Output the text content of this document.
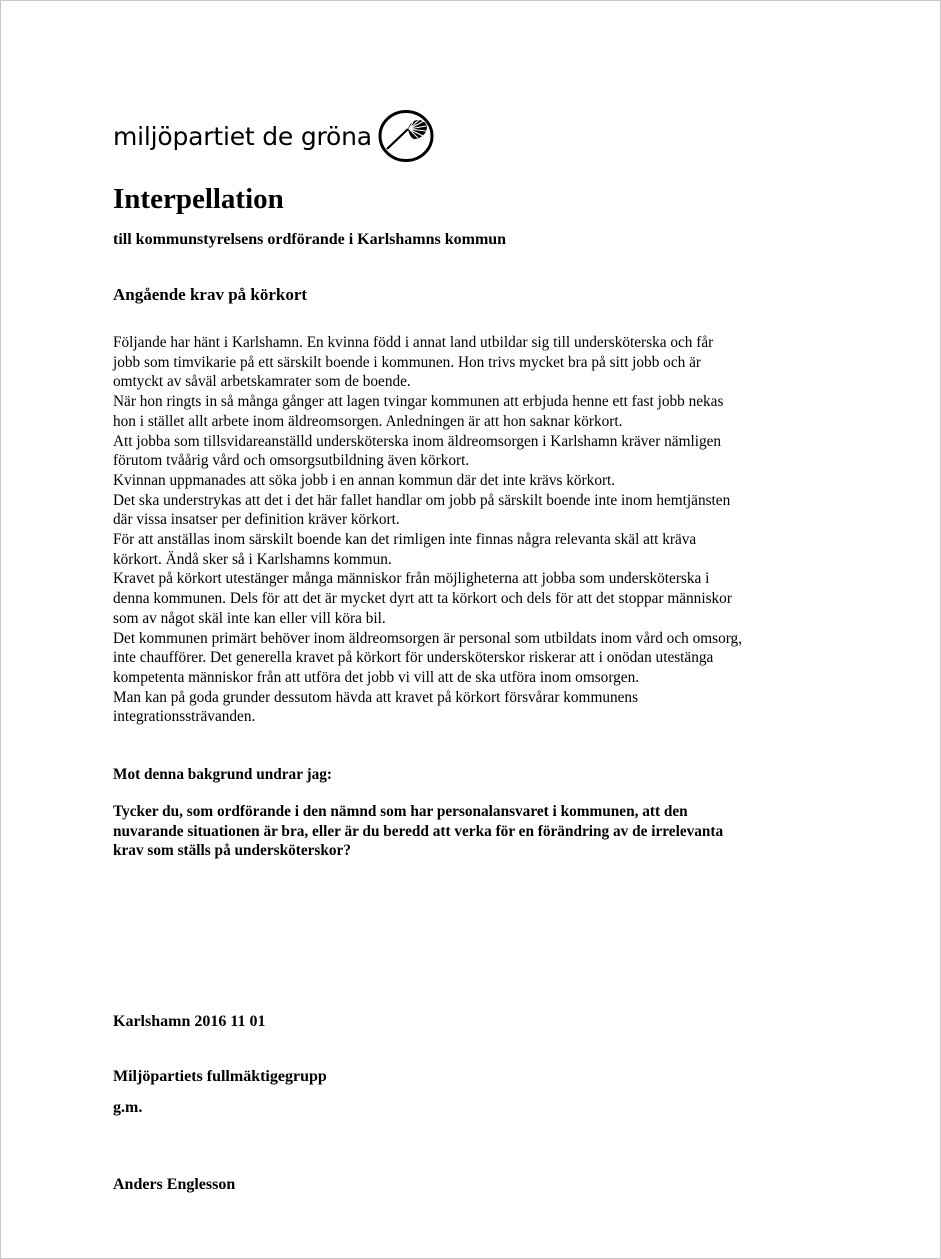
miljöpartiet de gröna
Interpellation
till kommunstyrelsens ordförande i Karlshamns kommun
Angående krav på körkort
Följande har hänt i Karlshamn. En kvinna född i annat land utbildar sig till undersköterska och får
jobb som timvikarie på ett särskilt boende i kommunen. Hon trivs mycket bra på sitt jobb och är
omtyckt av såväl arbetskamrater som de boende.
När hon ringts in så många gånger att lagen tvingar kommunen att erbjuda henne ett fast jobb nekas
hon i stället allt arbete inom äldreomsorgen. Anledningen är att hon saknar körkort.
Att jobba som tillsvidareanställd undersköterska inom äldreomsorgen i Karlshamn kräver nämligen
förutom tvåårig vård och omsorgsutbildning även körkort.
Kvinnan uppmanades att söka jobb i en annan kommun där det inte krävs körkort.
Det ska understrykas att det i det här fallet handlar om jobb på särskilt boende inte inom hemtjänsten
där vissa insatser per definition kräver körkort.
För att anställas inom särskilt boende kan det rimligen inte finnas några relevanta skäl att kräva
körkort. Ändå sker så i Karlshamns kommun.
Kravet på körkort utestänger många människor från möjligheterna att jobba som undersköterska i
denna kommunen. Dels för att det är mycket dyrt att ta körkort och dels för att det stoppar människor
som av något skäl inte kan eller vill köra bil.
Det kommunen primärt behöver inom äldreomsorgen är personal som utbildats inom vård och omsorg,
inte chaufförer. Det generella kravet på körkort för undersköterskor riskerar att i onödan utestänga
kompetenta människor från att utföra det jobb vi vill att de ska utföra inom omsorgen.
Man kan på goda grunder dessutom hävda att kravet på körkort försvårar kommunens
integrationssträvanden.
Mot denna bakgrund undrar jag:
Tycker du, som ordförande i den nämnd som har personalansvaret i kommunen, att den
nuvarande situationen är bra, eller är du beredd att verka för en förändring av de irrelevanta
krav som ställs på undersköterskor?
Karlshamn 2016 11 01
Miljöpartiets fullmäktigegrupp
g.m.
Anders Englesson
